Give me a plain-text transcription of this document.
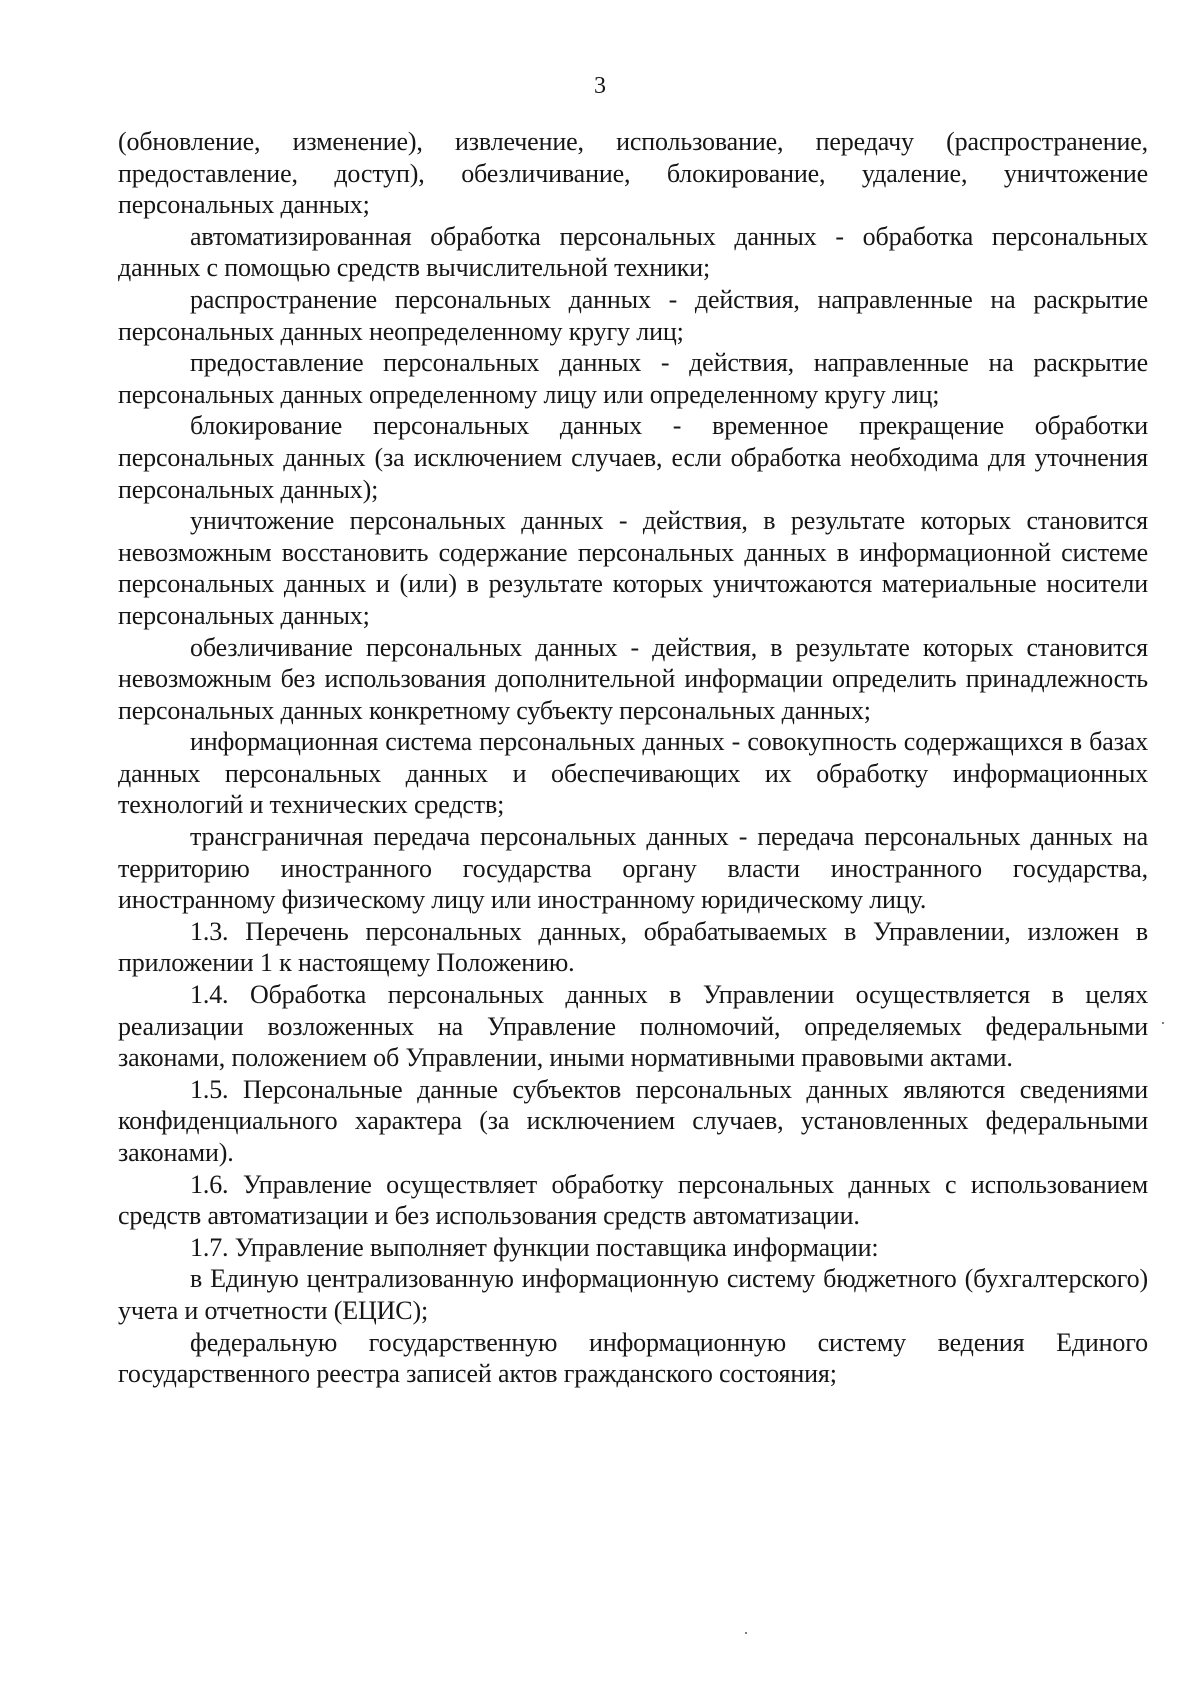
3

(обновление, изменение), извлечение, использование, передачу (распространение, предоставление, доступ), обезличивание, блокирование, удаление, уничтожение персональных данных;

автоматизированная обработка персональных данных - обработка персональных данных с помощью средств вычислительной техники;

распространение персональных данных - действия, направленные на раскрытие персональных данных неопределенному кругу лиц;

предоставление персональных данных - действия, направленные на раскрытие персональных данных определенному лицу или определенному кругу лиц;

блокирование персональных данных - временное прекращение обработки персональных данных (за исключением случаев, если обработка необходима для уточнения персональных данных);

уничтожение персональных данных - действия, в результате которых становится невозможным восстановить содержание персональных данных в информационной системе персональных данных и (или) в результате которых уничтожаются материальные носители персональных данных;

обезличивание персональных данных - действия, в результате которых становится невозможным без использования дополнительной информации определить принадлежность персональных данных конкретному субъекту персональных данных;

информационная система персональных данных - совокупность содержащихся в базах данных персональных данных и обеспечивающих их обработку информационных технологий и технических средств;

трансграничная передача персональных данных - передача персональных данных на территорию иностранного государства органу власти иностранного государства, иностранному физическому лицу или иностранному юридическому лицу.

1.3. Перечень персональных данных, обрабатываемых в Управлении, изложен в приложении 1 к настоящему Положению.

1.4. Обработка персональных данных в Управлении осуществляется в целях реализации возложенных на Управление полномочий, определяемых федеральными законами, положением об Управлении, иными нормативными правовыми актами.

1.5. Персональные данные субъектов персональных данных являются сведениями конфиденциального характера (за исключением случаев, установленных федеральными законами).

1.6. Управление осуществляет обработку персональных данных с использованием средств автоматизации и без использования средств автоматизации.

1.7. Управление выполняет функции поставщика информации:

в Единую централизованную информационную систему бюджетного (бухгалтерского) учета и отчетности (ЕЦИС);

федеральную государственную информационную систему ведения Единого государственного реестра записей актов гражданского состояния;
